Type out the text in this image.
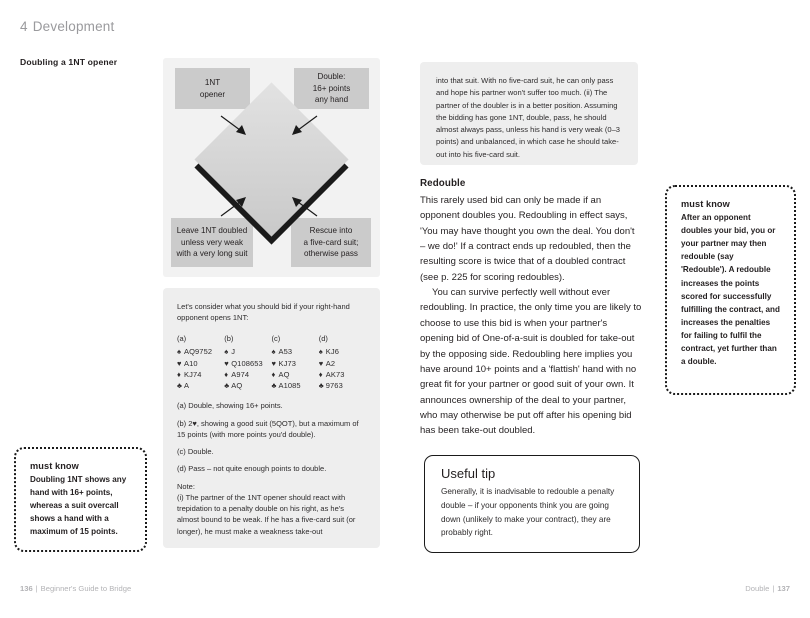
4 Development
Doubling a 1NT opener
1NT
opener
Double:
16+ points
any hand
Leave 1NT doubled
unless very weak
with a very long suit
Rescue into
a five-card suit;
otherwise pass

Let's consider what you should bid if your right-hand opponent opens 1NT:

(a)
♠ AQ9752
♥ A10
♦ KJ74
♣ A
(b)
♠ J
♥ Q108653
♦ A974
♣ AQ
(c)
♠ A53
♥ KJ73
♦ AQ
♣ A1085
(d)
♠ KJ6
♥ A2
♦ AK73
♣ 9763

(a) Double, showing 16+ points.

(b) 2♥, showing a good suit (5QOT), but a maximum of 15 points (with more points you'd double).

(c) Double.

(d) Pass – not quite enough points to double.

Note:

(i) The partner of the 1NT opener should react with trepidation to a penalty double on his right, as he's almost bound to be weak. If he has a five-card suit (or longer), he must make a weakness take-out

must know

Doubling 1NT shows any hand with 16+ points, whereas a suit overcall shows a hand with a maximum of 15 points.

into that suit. With no five-card suit, he can only pass and hope his partner won't suffer too much. (ii) The partner of the doubler is in a better position. Assuming the bidding has gone 1NT, double, pass, he should almost always pass, unless his hand is very weak (0–3 points) and unbalanced, in which case he should take-out into his five-card suit.

Redouble

This rarely used bid can only be made if an opponent doubles you. Redoubling in effect says, 'You may have thought you own the deal. You don't – we do!' If a contract ends up redoubled, then the resulting score is twice that of a doubled contract (see p. 225 for scoring redoubles).

You can survive perfectly well without ever redoubling. In practice, the only time you are likely to choose to use this bid is when your partner's opening bid of One-of-a-suit is doubled for take-out by the opposing side. Redoubling here implies you have around 10+ points and a 'flattish' hand with no great fit for your partner or good suit of your own. It announces ownership of the deal to your partner, who may otherwise be put off after his opening bid has been take-out doubled.

must know

After an opponent doubles your bid, you or your partner may then redouble (say 'Redouble'). A redouble increases the points scored for successfully fulfilling the contract, and increases the penalties for failing to fulfil the contract, yet further than a double.

Useful tip

Generally, it is inadvisable to redouble a penalty double – if your opponents think you are going down (unlikely to make your contract), they are probably right.

136 | Beginner's Guide to Bridge	Double | 137
